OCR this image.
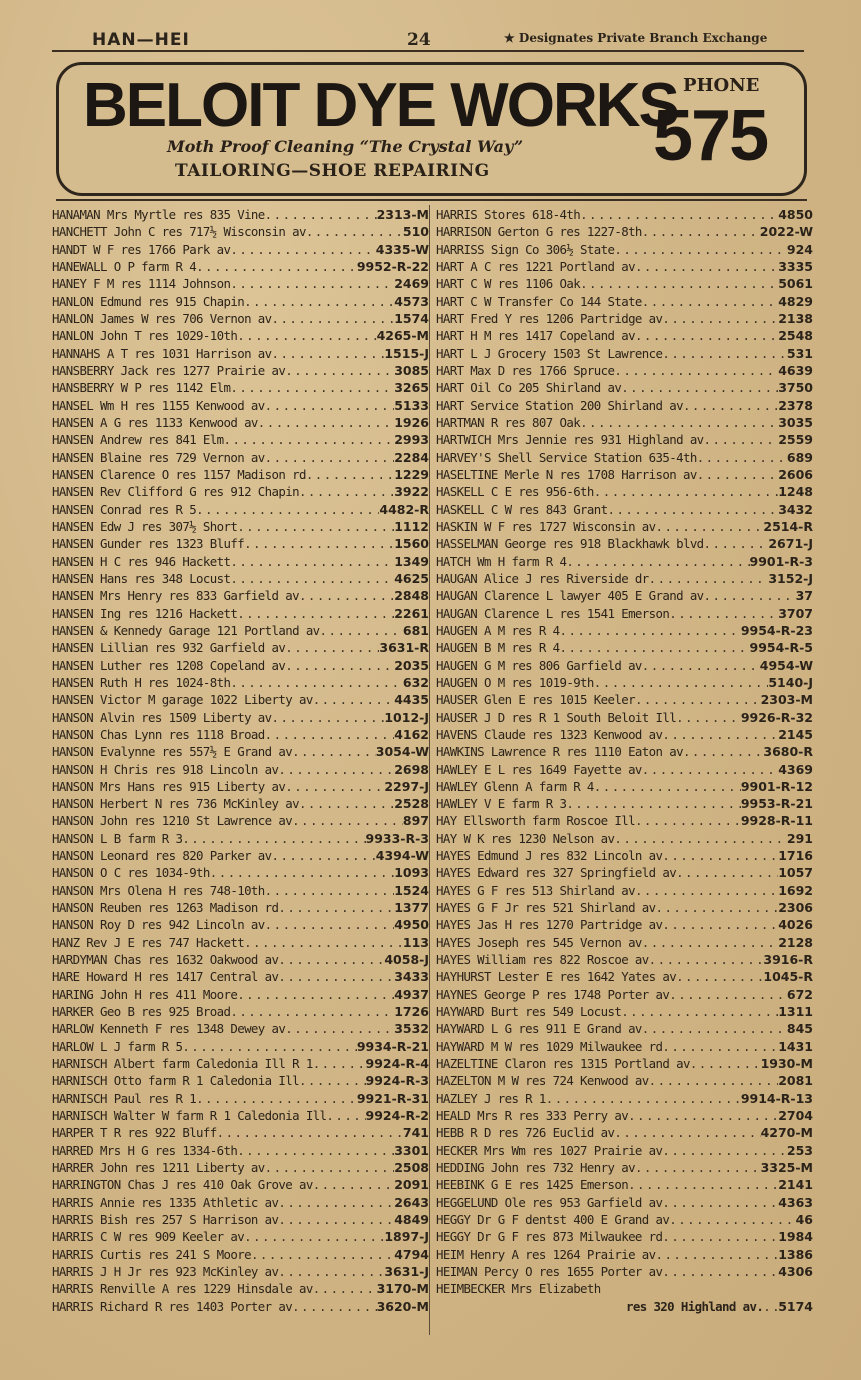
HAN—HEI	24	★ Designates Private Branch Exchange
BELOIT DYE WORKS
Moth Proof Cleaning “The Crystal Way”
TAILORING—SHOE REPAIRING
PHONE
575
HANAMAN Mrs Myrtle res 835 Vine .....	2313-M
HANCHETT John C res 717½ Wisconsin av .....	510
HANDT W F res 1766 Park av .....	4335-W
HANEWALL O P farm R 4 .....	9952-R-22
HANEY F M res 1114 Johnson .....	2469
HANLON Edmund res 915 Chapin .....	4573
HANLON James W res 706 Vernon av .....	1574
HANLON John T res 1029-10th .....	4265-M
HANNAHS A T res 1031 Harrison av .....	1515-J
HANSBERRY Jack res 1277 Prairie av .....	3085
HANSBERRY W P res 1142 Elm .....	3265
HANSEL Wm H res 1155 Kenwood av .....	5133
HANSEN A G res 1133 Kenwood av .....	1926
HANSEN Andrew res 841 Elm .....	2993
HANSEN Blaine res 729 Vernon av .....	2284
HANSEN Clarence O res 1157 Madison rd .....	1229
HANSEN Rev Clifford G res 912 Chapin .....	3922
HANSEN Conrad res R 5 .....	4482-R
HANSEN Edw J res 307½ Short .....	1112
HANSEN Gunder res 1323 Bluff .....	1560
HANSEN H C res 946 Hackett .....	1349
HANSEN Hans res 348 Locust .....	4625
HANSEN Mrs Henry res 833 Garfield av .....	2848
HANSEN Ing res 1216 Hackett .....	2261
HANSEN & Kennedy Garage 121 Portland av .....	681
HANSEN Lillian res 932 Garfield av .....	3631-R
HANSEN Luther res 1208 Copeland av .....	2035
HANSEN Ruth H res 1024-8th .....	632
HANSEN Victor M garage 1022 Liberty av .....	4435
HANSON Alvin res 1509 Liberty av .....	1012-J
HANSON Chas Lynn res 1118 Broad .....	4162
HANSON Evalynne res 557½ E Grand av .....	3054-W
HANSON H Chris res 918 Lincoln av .....	2698
HANSON Mrs Hans res 915 Liberty av .....	2297-J
HANSON Herbert N res 736 McKinley av .....	2528
HANSON John res 1210 St Lawrence av .....	897
HANSON L B farm R 3 .....	9933-R-3
HANSON Leonard res 820 Parker av .....	4394-W
HANSON O C res 1034-9th .....	1093
HANSON Mrs Olena H res 748-10th .....	1524
HANSON Reuben res 1263 Madison rd .....	1377
HANSON Roy D res 942 Lincoln av .....	4950
HANZ Rev J E res 747 Hackett .....	113
HARDYMAN Chas res 1632 Oakwood av .....	4058-J
HARE Howard H res 1417 Central av .....	3433
HARING John H res 411 Moore .....	4937
HARKER Geo B res 925 Broad .....	1726
HARLOW Kenneth F res 1348 Dewey av .....	3532
HARLOW L J farm R 5 .....	9934-R-21
HARNISCH Albert farm Caledonia Ill R 1 .....	9924-R-4
HARNISCH Otto farm R 1 Caledonia Ill .....	9924-R-3
HARNISCH Paul res R 1 .....	9921-R-31
HARNISCH Walter W farm R 1 Caledonia Ill .....	9924-R-2
HARPER T R res 922 Bluff .....	741
HARRED Mrs H G res 1334-6th .....	3301
HARRER John res 1211 Liberty av .....	2508
HARRINGTON Chas J res 410 Oak Grove av .....	2091
HARRIS Annie res 1335 Athletic av .....	2643
HARRIS Bish res 257 S Harrison av .....	4849
HARRIS C W res 909 Keeler av .....	1897-J
HARRIS Curtis res 241 S Moore .....	4794
HARRIS J H Jr res 923 McKinley av .....	3631-J
HARRIS Renville A res 1229 Hinsdale av .....	3170-M
HARRIS Richard R res 1403 Porter av .....	3620-M
HARRIS Stores 618-4th .....	4850
HARRISON Gerton G res 1227-8th .....	2022-W
HARRISS Sign Co 306½ State .....	924
HART A C res 1221 Portland av .....	3335
HART C W res 1106 Oak .....	5061
HART C W Transfer Co 144 State .....	4829
HART Fred Y res 1206 Partridge av .....	2138
HART H M res 1417 Copeland av .....	2548
HART L J Grocery 1503 St Lawrence .....	531
HART Max D res 1766 Spruce .....	4639
HART Oil Co 205 Shirland av .....	3750
HART Service Station 200 Shirland av .....	2378
HARTMAN R res 807 Oak .....	3035
HARTWICH Mrs Jennie res 931 Highland av .....	2559
HARVEY'S Shell Service Station 635-4th .....	689
HASELTINE Merle N res 1708 Harrison av .....	2606
HASKELL C E res 956-6th .....	1248
HASKELL C W res 843 Grant .....	3432
HASKIN W F res 1727 Wisconsin av .....	2514-R
HASSELMAN George res 918 Blackhawk blvd .....	2671-J
HATCH Wm H farm R 4 .....	9901-R-3
HAUGAN Alice J res Riverside dr .....	3152-J
HAUGAN Clarence L lawyer 405 E Grand av .....	37
HAUGAN Clarence L res 1541 Emerson .....	3707
HAUGEN A M res R 4 .....	9954-R-23
HAUGEN B M res R 4 .....	9954-R-5
HAUGEN G M res 806 Garfield av .....	4954-W
HAUGEN O M res 1019-9th .....	5140-J
HAUSER Glen E res 1015 Keeler .....	2303-M
HAUSER J D res R 1 South Beloit Ill .....	9926-R-32
HAVENS Claude res 1323 Kenwood av .....	2145
HAWKINS Lawrence R res 1110 Eaton av .....	3680-R
HAWLEY E L res 1649 Fayette av .....	4369
HAWLEY Glenn A farm R 4 .....	9901-R-12
HAWLEY V E farm R 3 .....	9953-R-21
HAY Ellsworth farm Roscoe Ill .....	9928-R-11
HAY W K res 1230 Nelson av .....	291
HAYES Edmund J res 832 Lincoln av .....	1716
HAYES Edward res 327 Springfield av .....	1057
HAYES G F res 513 Shirland av .....	1692
HAYES G F Jr res 521 Shirland av .....	2306
HAYES Jas H res 1270 Partridge av .....	4026
HAYES Joseph res 545 Vernon av .....	2128
HAYES William res 822 Roscoe av .....	3916-R
HAYHURST Lester E res 1642 Yates av .....	1045-R
HAYNES George P res 1748 Porter av .....	672
HAYWARD Burt res 549 Locust .....	1311
HAYWARD L G res 911 E Grand av .....	845
HAYWARD M W res 1029 Milwaukee rd .....	1431
HAZELTINE Claron res 1315 Portland av .....	1930-M
HAZELTON M W res 724 Kenwood av .....	2081
HAZLEY J res R 1 .....	9914-R-13
HEALD Mrs R res 333 Perry av .....	2704
HEBB R D res 726 Euclid av .....	4270-M
HECKER Mrs Wm res 1027 Prairie av .....	253
HEDDING John res 732 Henry av .....	3325-M
HEEBINK G E res 1425 Emerson .....	2141
HEGGELUND Ole res 953 Garfield av .....	4363
HEGGY Dr G F dentst 400 E Grand av .....	46
HEGGY Dr G F res 873 Milwaukee rd .....	1984
HEIM Henry A res 1264 Prairie av .....	1386
HEIMAN Percy O res 1655 Porter av .....	4306
HEIMBECKER Mrs Elizabeth
res 320 Highland av. ..... 5174
